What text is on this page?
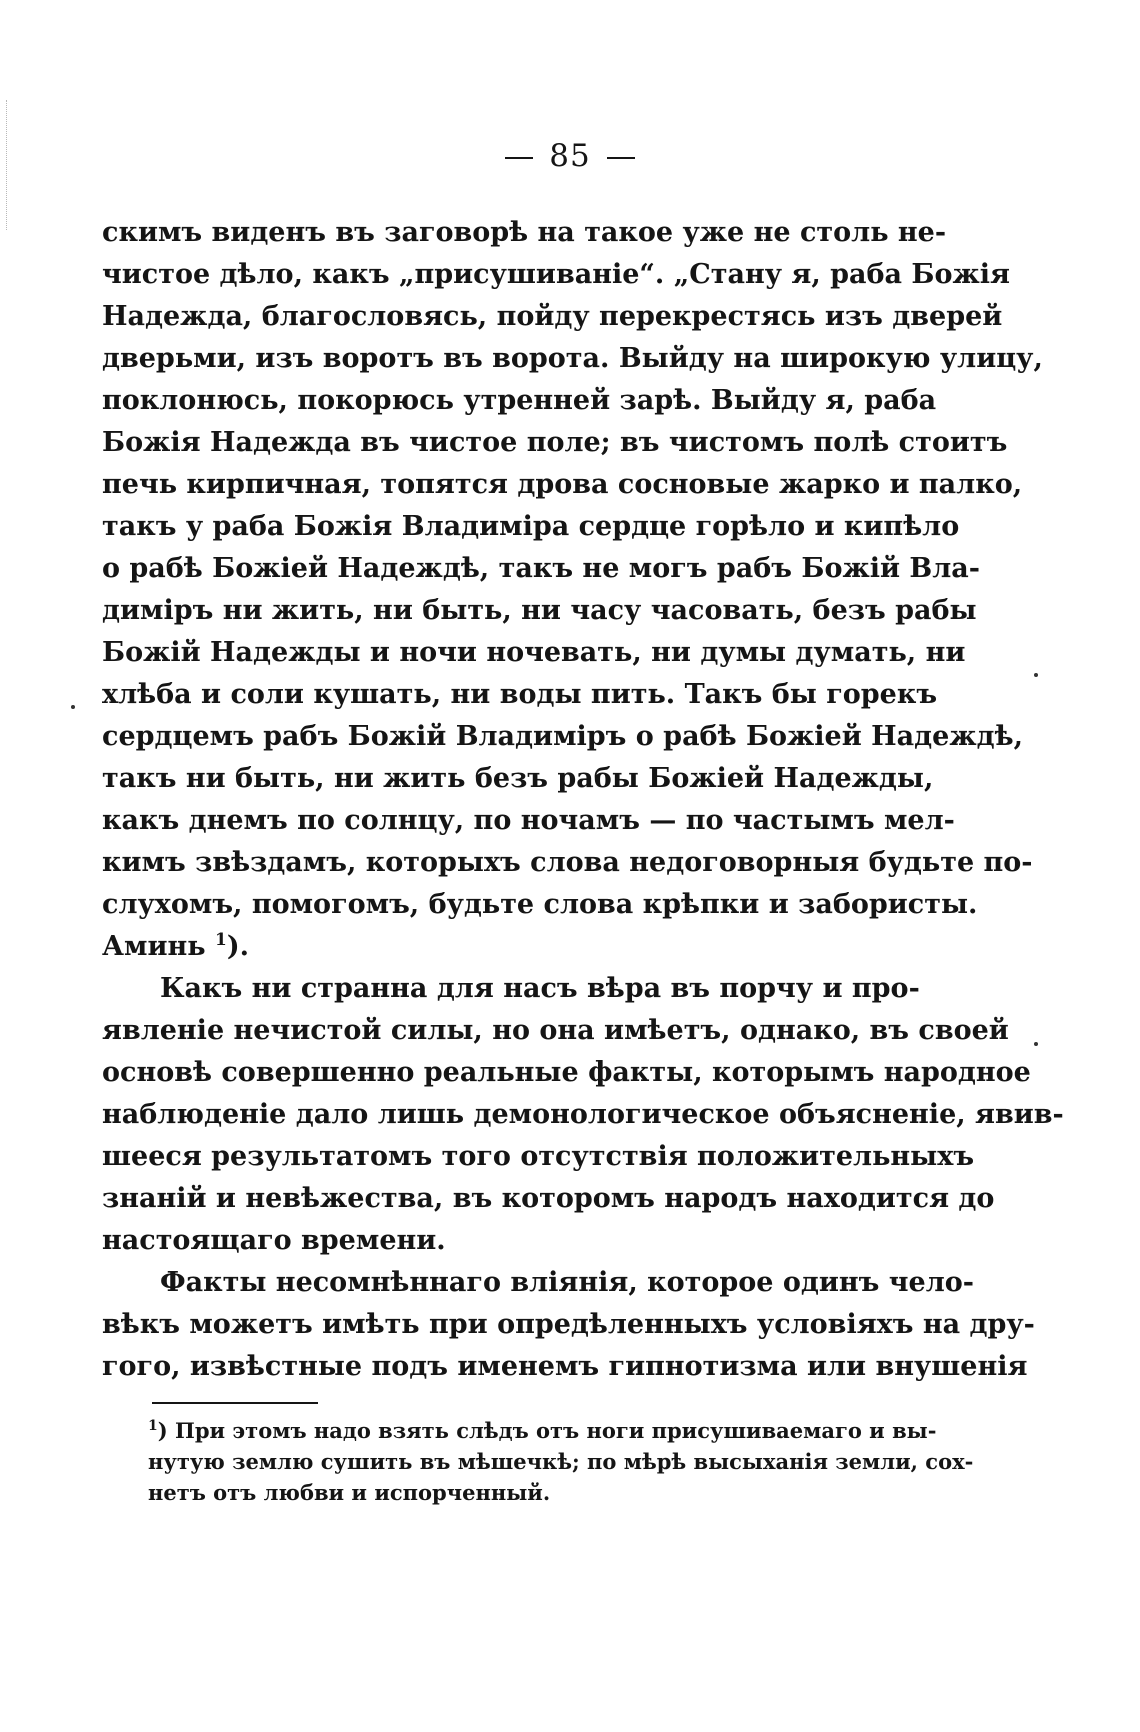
85
скимъ виденъ въ заговорѣ на такое уже не столь не-
чистое дѣло, какъ „присушиваніе“. „Стану я, раба Божія
Надежда, благословясь, пойду перекрестясь изъ дверей
дверьми, изъ воротъ въ ворота. Выйду на широкую улицу,
поклонюсь, покорюсь утренней зарѣ. Выйду я, раба
Божія Надежда въ чистое поле; въ чистомъ полѣ стоитъ
печь кирпичная, топятся дрова сосновые жарко и палко,
такъ у раба Божія Владиміра сердце горѣло и кипѣло
о рабѣ Божіей Надеждѣ, такъ не могъ рабъ Божій Вла-
диміръ ни жить, ни быть, ни часу часовать, безъ рабы
Божій Надежды и ночи ночевать, ни думы думать, ни
хлѣба и соли кушать, ни воды пить. Такъ бы горекъ
сердцемъ рабъ Божій Владиміръ о рабѣ Божіей Надеждѣ,
такъ ни быть, ни жить безъ рабы Божіей Надежды,
какъ днемъ по солнцу, по ночамъ — по частымъ мел-
кимъ звѣздамъ, которыхъ слова недоговорныя будьте по-
слухомъ, помогомъ, будьте слова крѣпки и забористы.
Аминь $^1$).
Какъ ни странна для насъ вѣра въ порчу и про-
явленіе нечистой силы, но она имѣетъ, однако, въ своей
основѣ совершенно реальные факты, которымъ народное
наблюденіе дало лишь демонологическое объясненіе, явив-
шееся результатомъ того отсутствія положительныхъ
знаній и невѣжества, въ которомъ народъ находится до
настоящаго времени.
Факты несомнѣннаго вліянія, которое одинъ чело-
вѣкъ можетъ имѣть при опредѣленныхъ условіяхъ на дру-
гого, извѣстные подъ именемъ гипнотизма или внушенія
$^1$) При этомъ надо взять слѣдъ отъ ноги присушиваемаго и вы-
нутую землю сушить въ мѣшечкѣ; по мѣрѣ высыханія земли, сох-
нетъ отъ любви и испорченный.
